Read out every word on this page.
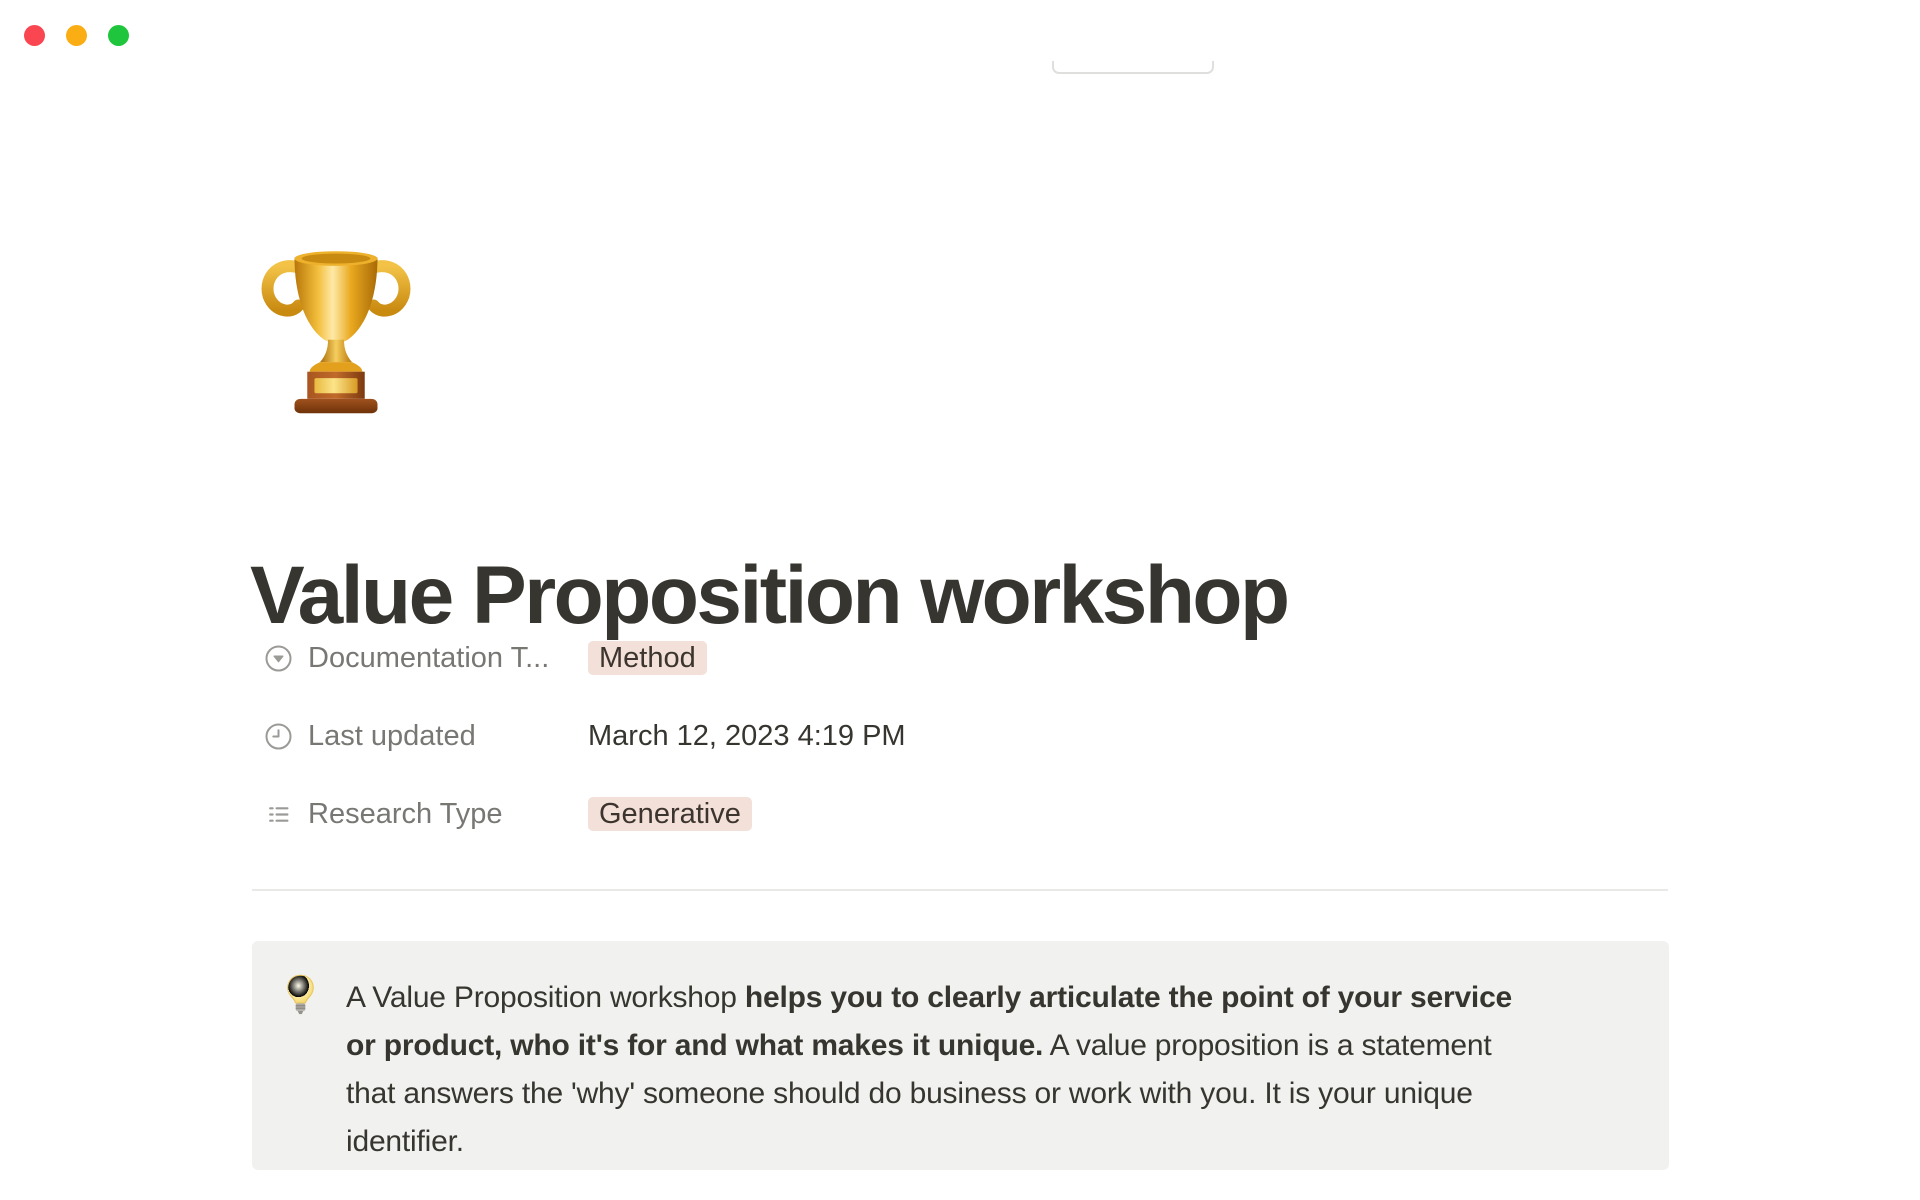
Value Proposition workshop
Documentation T...	Method
Last updated	March 12, 2023 4:19 PM
Research Type	Generative
A Value Proposition workshop helps you to clearly articulate the point of your service
or product, who it's for and what makes it unique. A value proposition is a statement
that answers the 'why' someone should do business or work with you. It is your unique
identifier.
